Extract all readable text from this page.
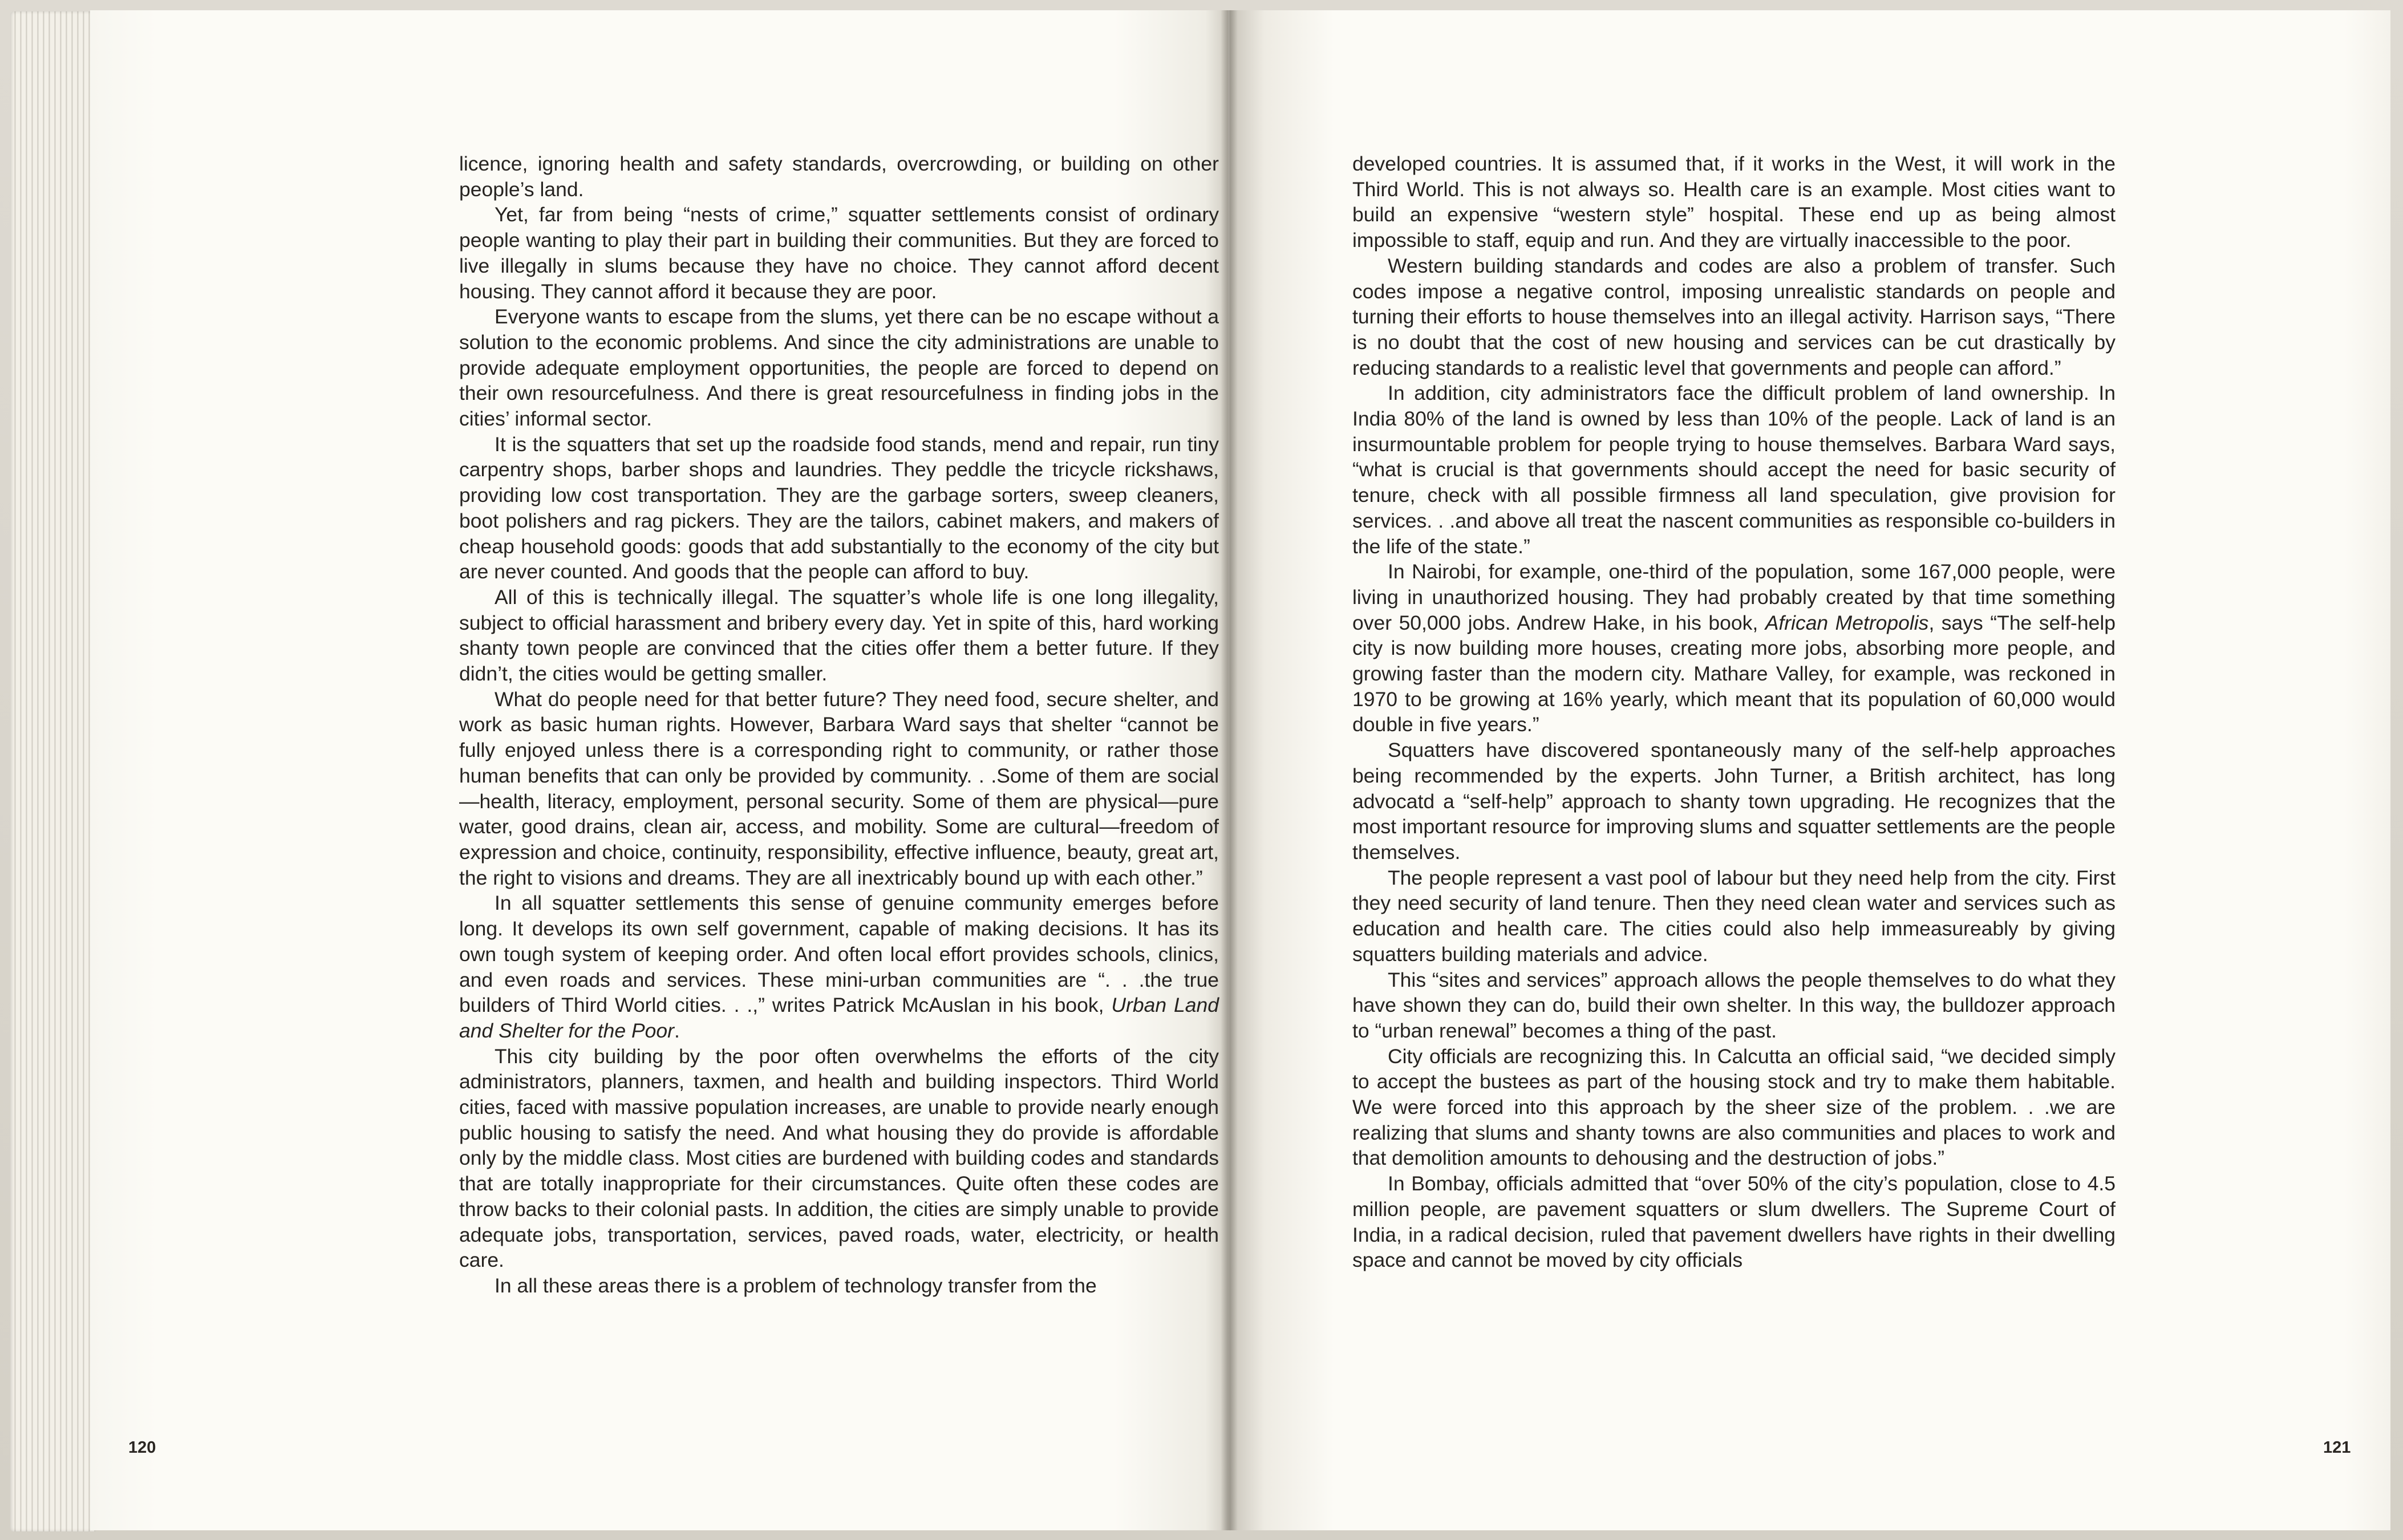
licence, ignoring health and safety standards, overcrowding, or building on other people’s land.

Yet, far from being “nests of crime,” squatter settlements consist of ordinary people wanting to play their part in building their communities. But they are forced to live illegally in slums because they have no choice. They cannot afford decent housing. They cannot afford it because they are poor.

Everyone wants to escape from the slums, yet there can be no escape without a solution to the economic problems. And since the city administrations are unable to provide adequate employment opportunities, the people are forced to depend on their own resourcefulness. And there is great resourcefulness in finding jobs in the cities’ informal sector.

It is the squatters that set up the roadside food stands, mend and repair, run tiny carpentry shops, barber shops and laundries. They peddle the tricycle rickshaws, providing low cost transportation. They are the garbage sorters, sweep cleaners, boot polishers and rag pickers. They are the tailors, cabinet makers, and makers of cheap household goods: goods that add substantially to the economy of the city but are never counted. And goods that the people can afford to buy.

All of this is technically illegal. The squatter’s whole life is one long illegality, subject to official harassment and bribery every day. Yet in spite of this, hard working shanty town people are convinced that the cities offer them a better future. If they didn’t, the cities would be getting smaller.

What do people need for that better future? They need food, secure shelter, and work as basic human rights. However, Barbara Ward says that shelter “cannot be fully enjoyed unless there is a corresponding right to community, or rather those human benefits that can only be provided by community. . .Some of them are social—health, literacy, employment, personal security. Some of them are physical—pure water, good drains, clean air, access, and mobility. Some are cultural—freedom of expression and choice, continuity, responsibility, effective influence, beauty, great art, the right to visions and dreams. They are all inextricably bound up with each other.”

In all squatter settlements this sense of genuine community emerges before long. It develops its own self government, capable of making decisions. It has its own tough system of keeping order. And often local effort provides schools, clinics, and even roads and services. These mini-urban communities are “. . .the true builders of Third World cities. . .,” writes Patrick McAuslan in his book, Urban Land and Shelter for the Poor.

This city building by the poor often overwhelms the efforts of the city administrators, planners, taxmen, and health and building inspectors. Third World cities, faced with massive population increases, are unable to provide nearly enough public housing to satisfy the need. And what housing they do provide is affordable only by the middle class. Most cities are burdened with building codes and standards that are totally inappropriate for their circumstances. Quite often these codes are throw backs to their colonial pasts. In addition, the cities are simply unable to provide adequate jobs, transportation, services, paved roads, water, electricity, or health care.

In all these areas there is a problem of technology transfer from the

120

developed countries. It is assumed that, if it works in the West, it will work in the Third World. This is not always so. Health care is an example. Most cities want to build an expensive “western style” hospital. These end up as being almost impossible to staff, equip and run. And they are virtually inaccessible to the poor.

Western building standards and codes are also a problem of transfer. Such codes impose a negative control, imposing unrealistic standards on people and turning their efforts to house themselves into an illegal activity. Harrison says, “There is no doubt that the cost of new housing and services can be cut drastically by reducing standards to a realistic level that governments and people can afford.”

In addition, city administrators face the difficult problem of land ownership. In India 80% of the land is owned by less than 10% of the people. Lack of land is an insurmountable problem for people trying to house themselves. Barbara Ward says, “what is crucial is that governments should accept the need for basic security of tenure, check with all possible firmness all land speculation, give provision for services. . .and above all treat the nascent communities as responsible co-builders in the life of the state.”

In Nairobi, for example, one-third of the population, some 167,000 people, were living in unauthorized housing. They had probably created by that time something over 50,000 jobs. Andrew Hake, in his book, African Metropolis, says “The self-help city is now building more houses, creating more jobs, absorbing more people, and growing faster than the modern city. Mathare Valley, for example, was reckoned in 1970 to be growing at 16% yearly, which meant that its population of 60,000 would double in five years.”

Squatters have discovered spontaneously many of the self-help approaches being recommended by the experts. John Turner, a British architect, has long advocatd a “self-help” approach to shanty town upgrading. He recognizes that the most important resource for improving slums and squatter settlements are the people themselves.

The people represent a vast pool of labour but they need help from the city. First they need security of land tenure. Then they need clean water and services such as education and health care. The cities could also help immeasureably by giving squatters building materials and advice.

This “sites and services” approach allows the people themselves to do what they have shown they can do, build their own shelter. In this way, the bulldozer approach to “urban renewal” becomes a thing of the past.

City officials are recognizing this. In Calcutta an official said, “we decided simply to accept the bustees as part of the housing stock and try to make them habitable. We were forced into this approach by the sheer size of the problem. . .we are realizing that slums and shanty towns are also communities and places to work and that demolition amounts to dehousing and the destruction of jobs.”

In Bombay, officials admitted that “over 50% of the city’s population, close to 4.5 million people, are pavement squatters or slum dwellers. The Supreme Court of India, in a radical decision, ruled that pavement dwellers have rights in their dwelling space and cannot be moved by city officials

121
